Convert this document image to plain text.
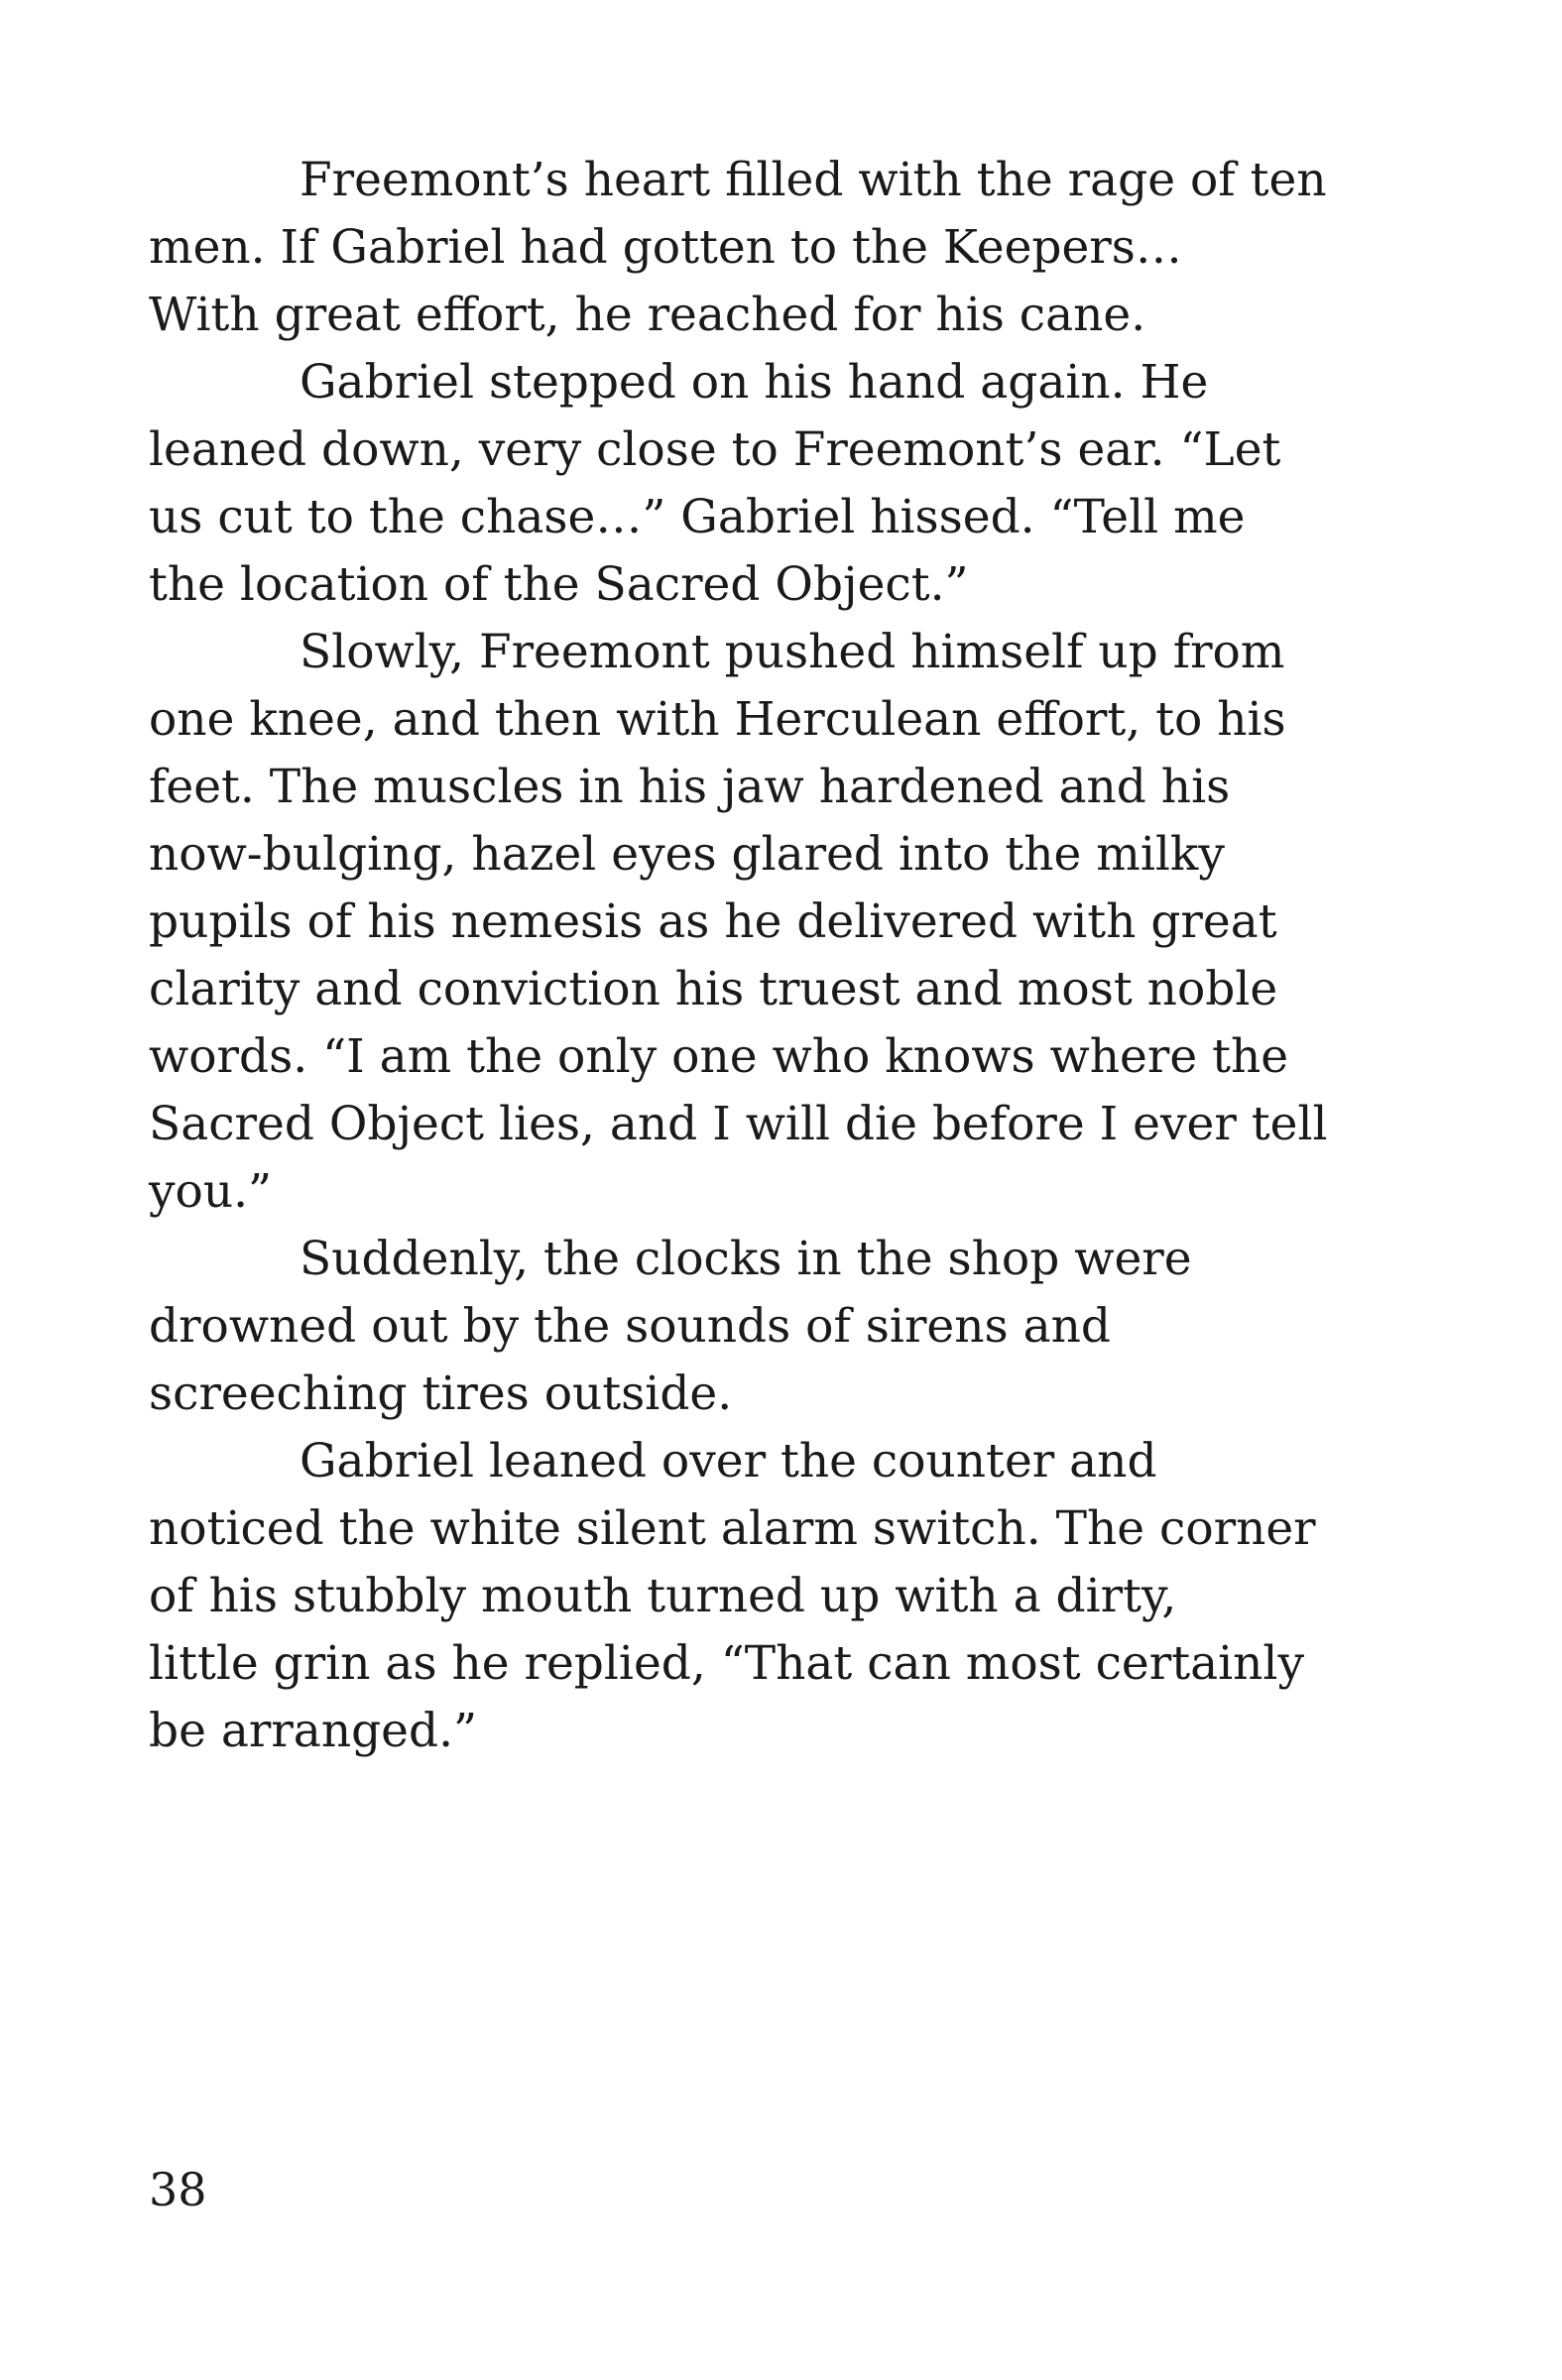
Freemont’s heart filled with the rage of ten
men. If Gabriel had gotten to the Keepers…
With great effort, he reached for his cane.
Gabriel stepped on his hand again. He
leaned down, very close to Freemont’s ear. “Let
us cut to the chase…” Gabriel hissed. “Tell me
the location of the Sacred Object.”
Slowly, Freemont pushed himself up from
one knee, and then with Herculean effort, to his
feet. The muscles in his jaw hardened and his
now-bulging, hazel eyes glared into the milky
pupils of his nemesis as he delivered with great
clarity and conviction his truest and most noble
words. “I am the only one who knows where the
Sacred Object lies, and I will die before I ever tell
you.”
Suddenly, the clocks in the shop were
drowned out by the sounds of sirens and
screeching tires outside.
Gabriel leaned over the counter and
noticed the white silent alarm switch. The corner
of his stubbly mouth turned up with a dirty,
little grin as he replied, “That can most certainly
be arranged.”
38
